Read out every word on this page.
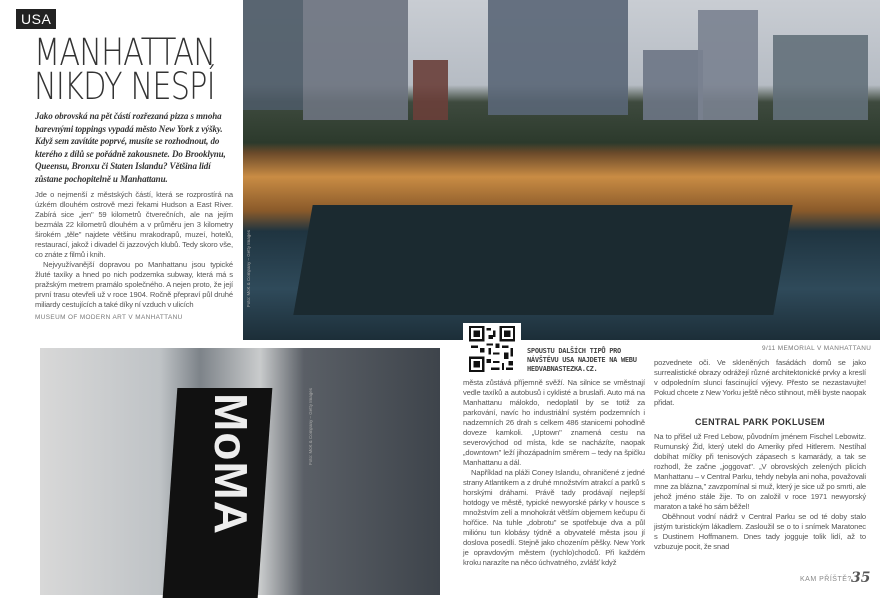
Foto: McK & Company – Getty Images
MoMA	Foto: McK & Company – Getty Images
USA
MANHATTAN
NIKDY NESPÍ
Jako obrovská na pět částí rozřezaná pizza s mnoha barevnými toppings vypadá město New York z výšky. Když sem zavítáte poprvé, musíte se rozhodnout, do kterého z dílů se pořádně zakousnete. Do Brooklynu, Queensu, Bronxu či Staten Islandu? Většina lidí zůstane pochopitelně u Manhattanu.

Jde o nejmenší z městských částí, která se rozprostírá na úzkém dlouhém ostrově mezi řekami Hudson a East River. Zabírá sice „jen" 59 kilometrů čtverečních, ale na jejím bezmála 22 kilometrů dlouhém a v průměru jen 3 kilometry širokém „těle" najdete většinu mrakodrapů, muzeí, hotelů, restaurací, jakož i divadel či jazzových klubů. Tedy skoro vše, co znáte z filmů i knih.

Nejvyužívanější dopravou po Manhattanu jsou typické žluté taxíky a hned po nich podzemka subway, která má s pražským metrem pramálo společného. A nejen proto, že její první trasu otevřeli už v roce 1904. Ročně přepraví půl druhé miliardy cestujících a také díky ní vzduch v ulicích

MUSEUM OF MODERN ART V MANHATTANU
9/11 MEMORIAL V MANHATTANU
SPOUSTU DALŠÍCH TIPŮ PRO NÁVŠTĚVU USA NAJDETE NA WEBU HEDVABNASTEZKA.CZ.

města zůstává příjemně svěží. Na silnice se vměstnají vedle taxíků a autobusů i cyklisté a bruslaři. Auto má na Manhattanu málokdo, nedoplatil by se totiž za parkování, navíc ho industriální systém podzemních i nadzemních 26 drah s celkem 486 stanicemi pohodlně doveze kamkoli. „Uptown" znamená cestu na severovýchod od místa, kde se nacházíte, naopak „downtown" leží jihozápadním směrem – tedy na špičku Manhattanu a dál.

Například na pláži Coney Islandu, ohraničené z jedné strany Atlantikem a z druhé množstvím atrakcí a parků s horskými dráhami. Právě tady prodávají nejlepší hotdogy ve městě, typické newyorské párky v housce s množstvím zelí a mnohokrát větším objemem kečupu či hořčice. Na tuhle „dobrotu" se spotřebuje dva a půl miliónu tun klobásy týdně a obyvatelé města jsou jí doslova posedlí. Stejně jako chozením pěšky. New York je opravdovým městem (rychlo)chodců. Při každém kroku narazíte na něco úchvatného, zvlášť když

pozvednete oči. Ve skleněných fasádách domů se jako surrealistické obrazy odrážejí různé architektonické prvky a kreslí v odpoledním slunci fascinující výjevy. Přesto se nezastavujte! Pokud chcete z New Yorku ještě něco stihnout, měli byste naopak přidat.

CENTRAL PARK POKLUSEM

Na to přišel už Fred Lebow, původním jménem Fischel Lebowitz. Rumunský Žid, který utekl do Ameriky před Hitlerem. Nestíhal dobíhat míčky při tenisových zápasech s kamarády, a tak se rozhodl, že začne „joggovat". „V obrovských zelených plicích Manhattanu – v Central Parku, tehdy nebyla ani noha, považovali mne za blázna," zavzpomínal si muž, který je sice už po smrti, ale jehož jméno stále žije. To on založil v roce 1971 newyorský maraton a také ho sám běžel!

Oběhnout vodní nádrž v Central Parku se od té doby stalo jistým turistickým lákadlem. Zasloužil se o to i snímek Maratonec s Dustinem Hoffmanem. Dnes tady jogguje tolik lidí, až to vzbuzuje pocit, že snad

KAM PŘÍŠTĚ? 35
